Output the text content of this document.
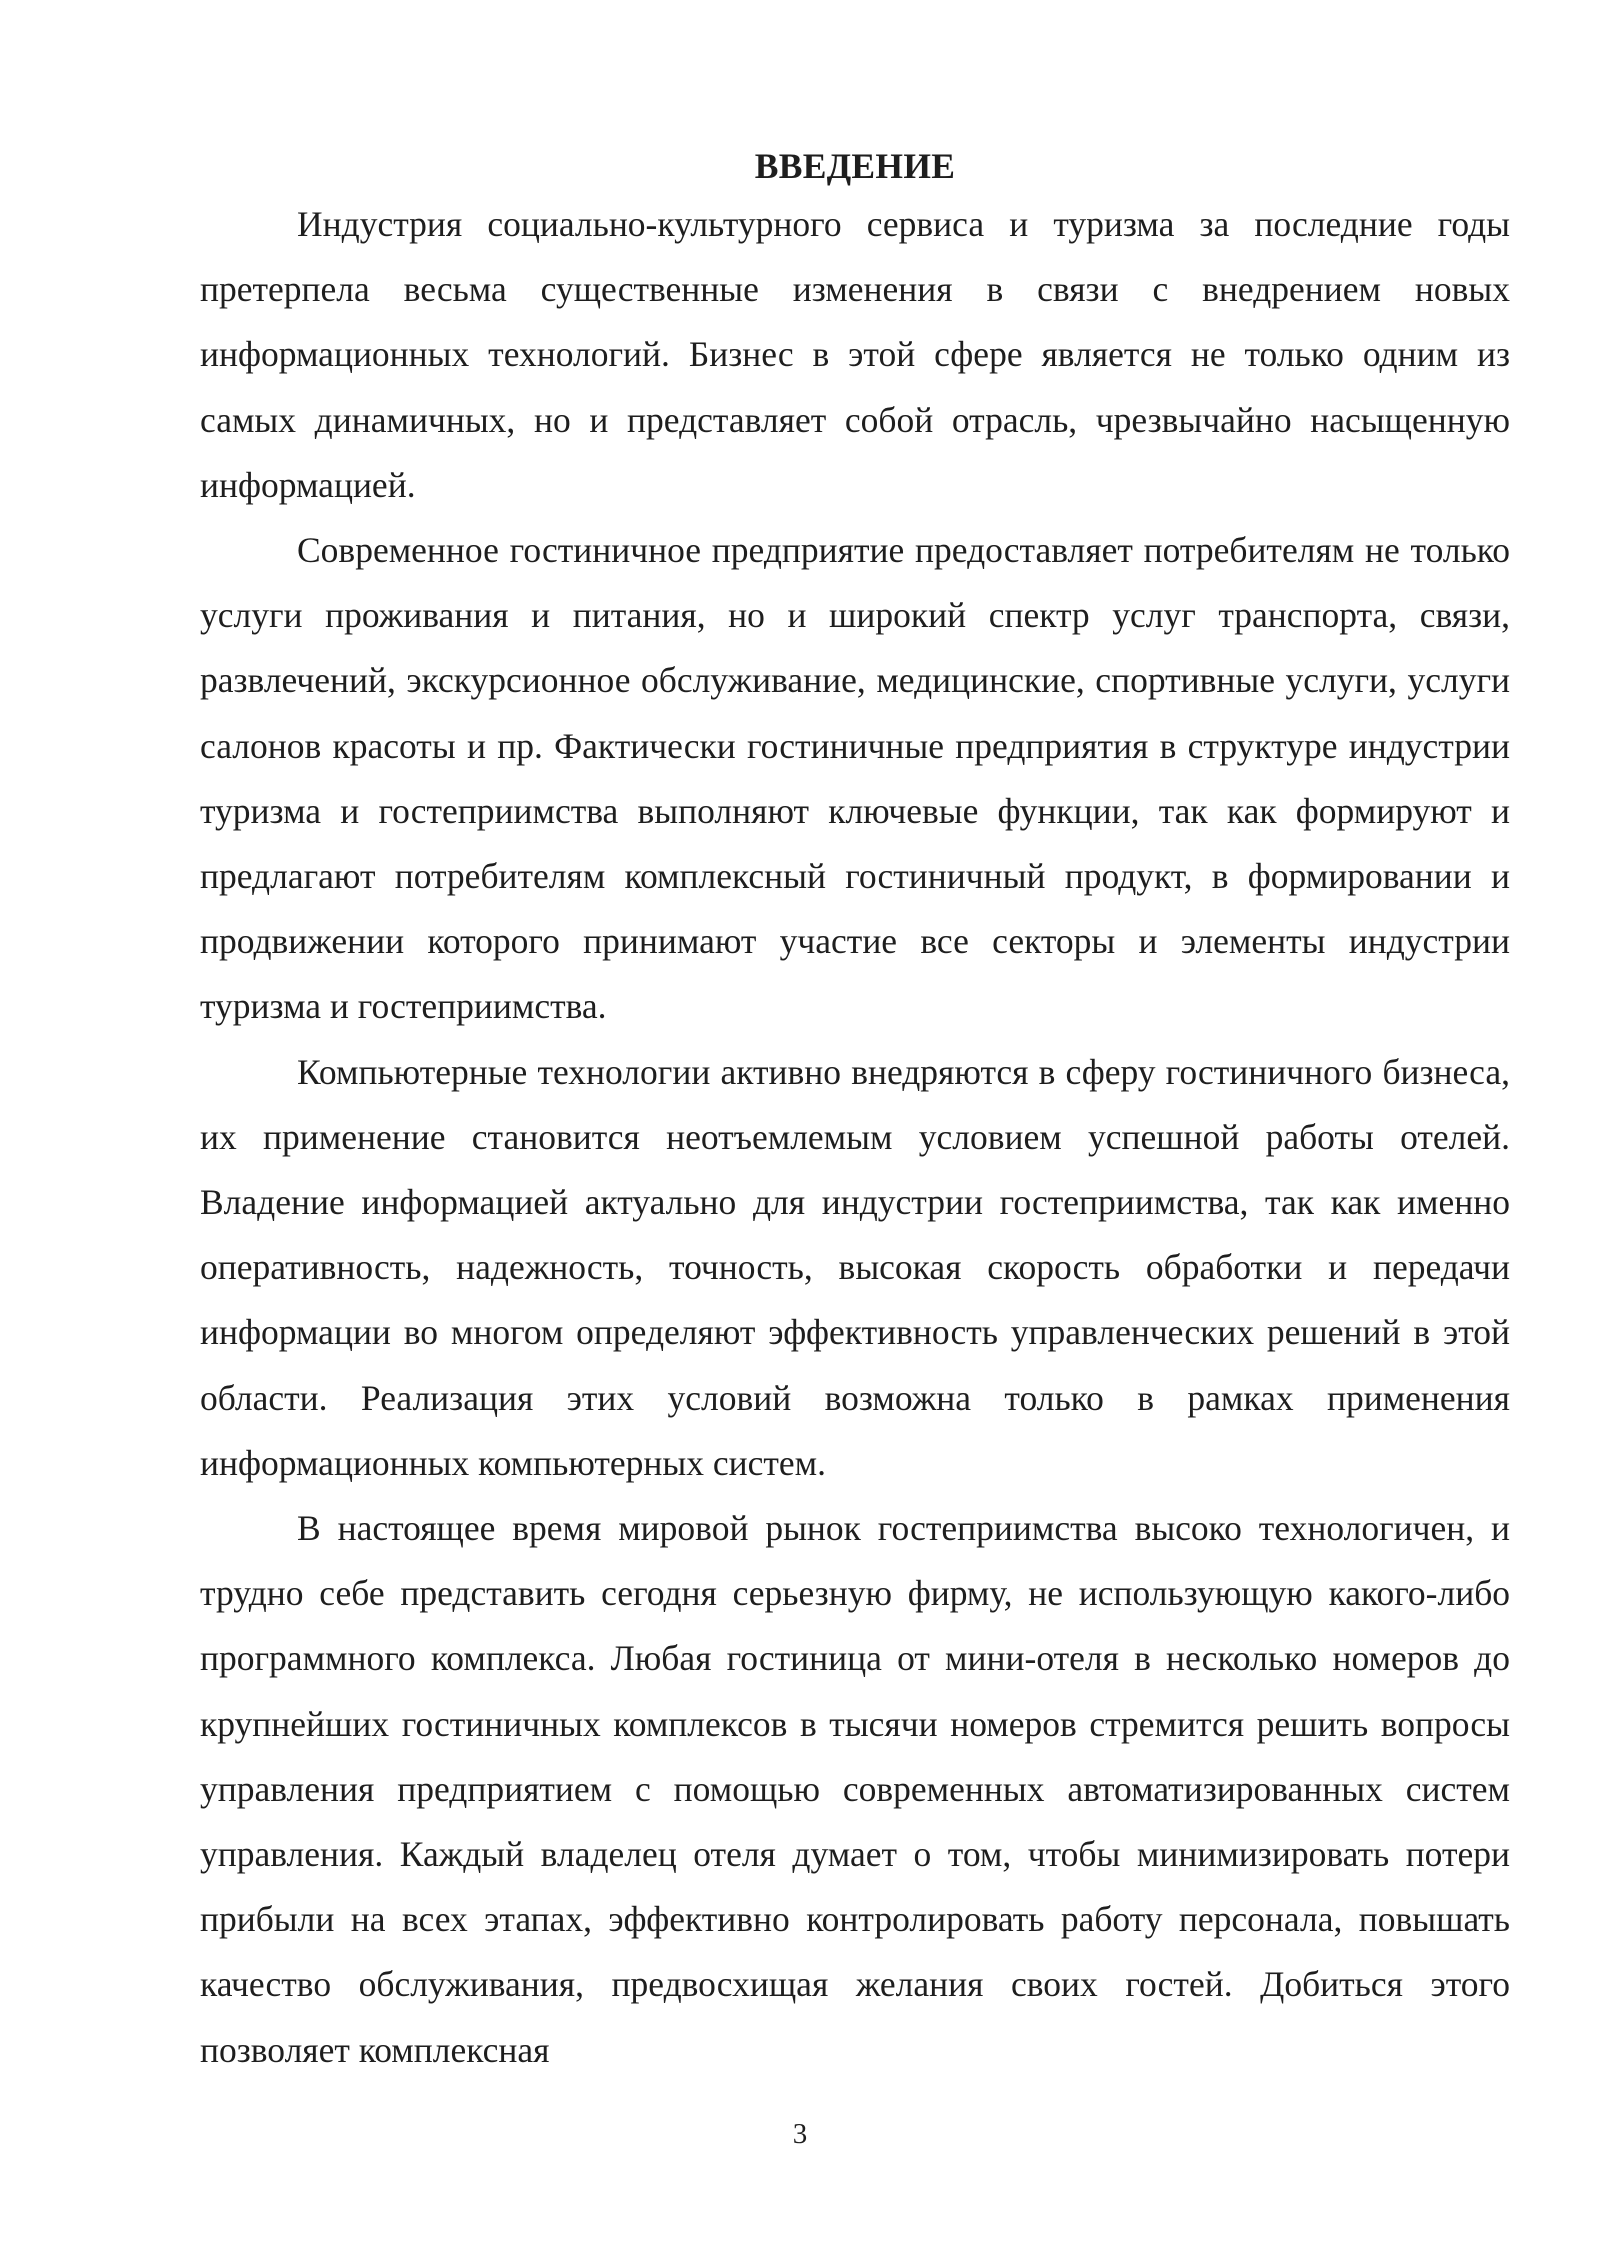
ВВЕДЕНИЕ

Индустрия социально-культурного сервиса и туризма за последние годы претерпела весьма существенные изменения в связи с внедрением новых информационных технологий. Бизнес в этой сфере является не только одним из самых динамичных, но и представляет собой отрасль, чрезвычайно насыщенную информацией.

Современное гостиничное предприятие предоставляет потребителям не только услуги проживания и питания, но и широкий спектр услуг транспорта, связи, развлечений, экскурсионное обслуживание, медицинские, спортивные услуги, услуги салонов красоты и пр. Фактически гостиничные предприятия в структуре индустрии туризма и гостеприимства выполняют ключевые функции, так как формируют и предлагают потребителям комплексный гостиничный продукт, в формировании и продвижении которого принимают участие все секторы и элементы индустрии туризма и гостеприимства.

Компьютерные технологии активно внедряются в сферу гостиничного бизнеса, их применение становится неотъемлемым условием успешной работы отелей. Владение информацией актуально для индустрии гостеприимства, так как именно оперативность, надежность, точность, высокая скорость обработки и передачи информации во многом определяют эффективность управленческих решений в этой области. Реализация этих условий возможна только в рамках применения информационных компьютерных систем.

В настоящее время мировой рынок гостеприимства высоко технологичен, и трудно себе представить сегодня серьезную фирму, не использующую какого-либо программного комплекса. Любая гостиница от мини-отеля в несколько номеров до крупнейших гостиничных комплексов в тысячи номеров стремится решить вопросы управления предприятием с помощью современных автоматизированных систем управления. Каждый владелец отеля думает о том, чтобы минимизировать потери прибыли на всех этапах, эффективно контролировать работу персонала, повышать качество обслуживания, предвосхищая желания своих гостей. Добиться этого позволяет комплексная

3
